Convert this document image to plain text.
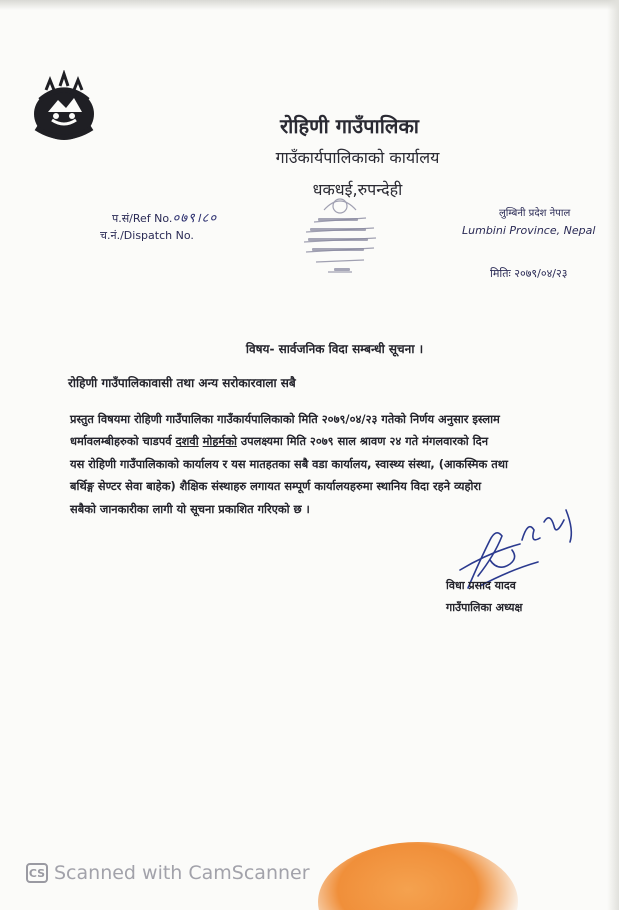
रोहिणी गाउँपालिका
गाउँकार्यपालिकाको कार्यालय
धकधई,रुपन्देही
प.सं/Ref No.०७९।८०
च.नं./Dispatch No.
लुम्बिनी प्रदेश नेपाल
Lumbini Province, Nepal
मितिः २०७९/०४/२३
विषय- सार्वजनिक विदा सम्बन्धी सूचना ।
रोहिणी गाउँपालिकावासी तथा अन्य सरोकारवाला सबै
प्रस्तुत विषयमा रोहिणी गाउँपालिका गाउँकार्यपालिकाको मिति २०७९/०४/२३ गतेको निर्णय अनुसार इस्लाम
धर्मावलम्बीहरुको चाडपर्व दशवी मोहर्मको उपलक्ष्यमा मिति २०७९ साल श्रावण २४ गते मंगलवारको दिन
यस रोहिणी गाउँपालिकाको कार्यालय र यस मातहतका सबै वडा कार्यालय, स्वास्थ्य संस्था, (आकस्मिक तथा
बर्थिङ्ग सेण्टर सेवा बाहेक) शैक्षिक संस्थाहरु लगायत सम्पूर्ण कार्यालयहरुमा स्थानिय विदा रहने व्यहोरा
सबैको जानकारीका लागी यो सूचना प्रकाशित गरिएको छ ।
विधा प्रसाद यादव
गाउँपालिका अध्यक्ष
CS Scanned with CamScanner
